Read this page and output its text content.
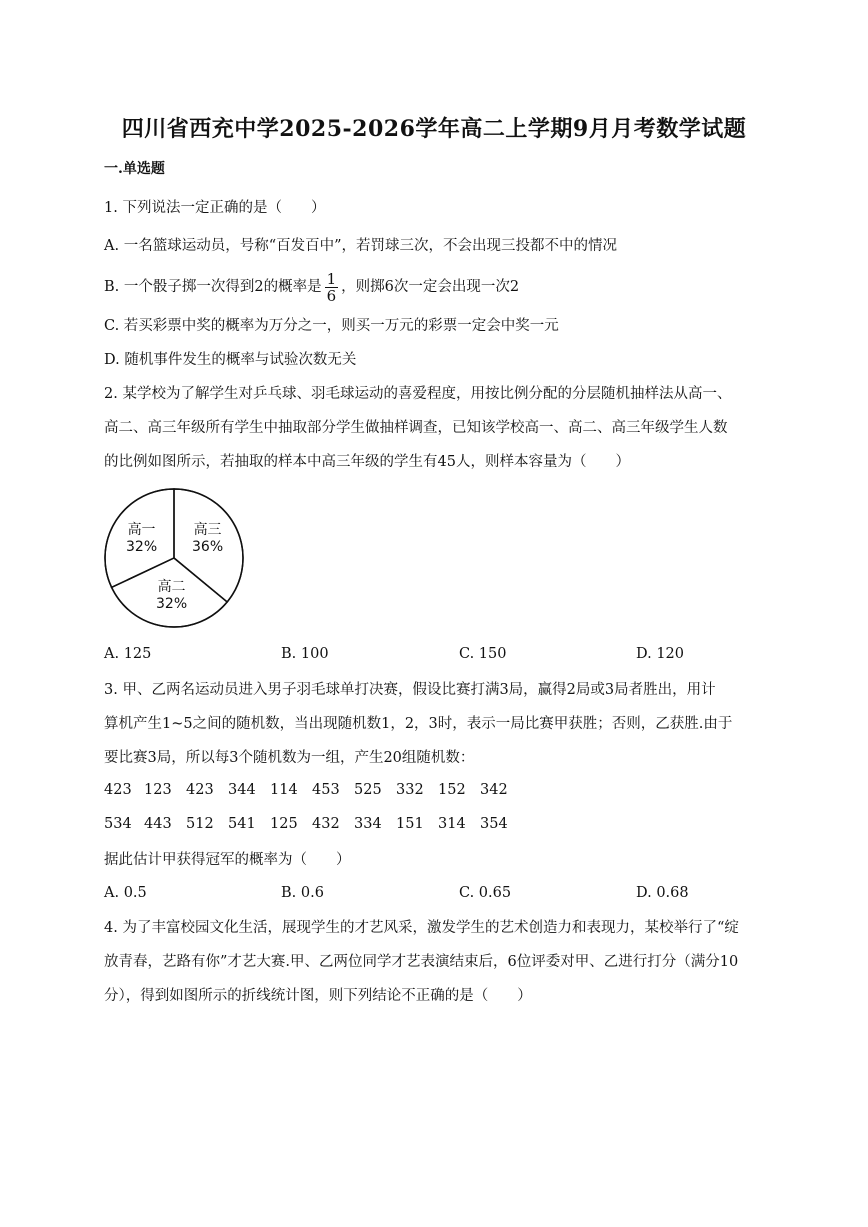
四川省西充中学2025-2026学年高二上学期9月月考数学试题
一.单选题
1. 下列说法一定正确的是（　　）
A. 一名篮球运动员，号称“百发百中”，若罚球三次，不会出现三投都不中的情况
B. 一个骰子掷一次得到2的概率是 $\frac{1}{6}$ ，则掷6次一定会出现一次2
C. 若买彩票中奖的概率为万分之一，则买一万元的彩票一定会中奖一元
D. 随机事件发生的概率与试验次数无关
2. 某学校为了解学生对乒乓球、羽毛球运动的喜爱程度，用按比例分配的分层随机抽样法从高一、
高二、高三年级所有学生中抽取部分学生做抽样调查，已知该学校高一、高二、高三年级学生人数
的比例如图所示，若抽取的样本中高三年级的学生有45人，则样本容量为（　　）
高一
32%
高三
36%
高二
32%
A. 125	B. 100	C. 150	D. 120
3. 甲、乙两名运动员进入男子羽毛球单打决赛，假设比赛打满3局，赢得2局或3局者胜出，用计
算机产生1~5之间的随机数，当出现随机数1，2，3时，表示一局比赛甲获胜；否则，乙获胜.由于
要比赛3局，所以每3个随机数为一组，产生20组随机数：
423 123 423 344 114 453 525 332 152 342
534 443 512 541 125 432 334 151 314 354
据此估计甲获得冠军的概率为（　　）
A. 0.5	B. 0.6	C. 0.65	D. 0.68
4. 为了丰富校园文化生活，展现学生的才艺风采，激发学生的艺术创造力和表现力，某校举行了“绽
放青春，艺路有你”才艺大赛.甲、乙两位同学才艺表演结束后，6位评委对甲、乙进行打分（满分10
分），得到如图所示的折线统计图，则下列结论不正确的是（　　）
